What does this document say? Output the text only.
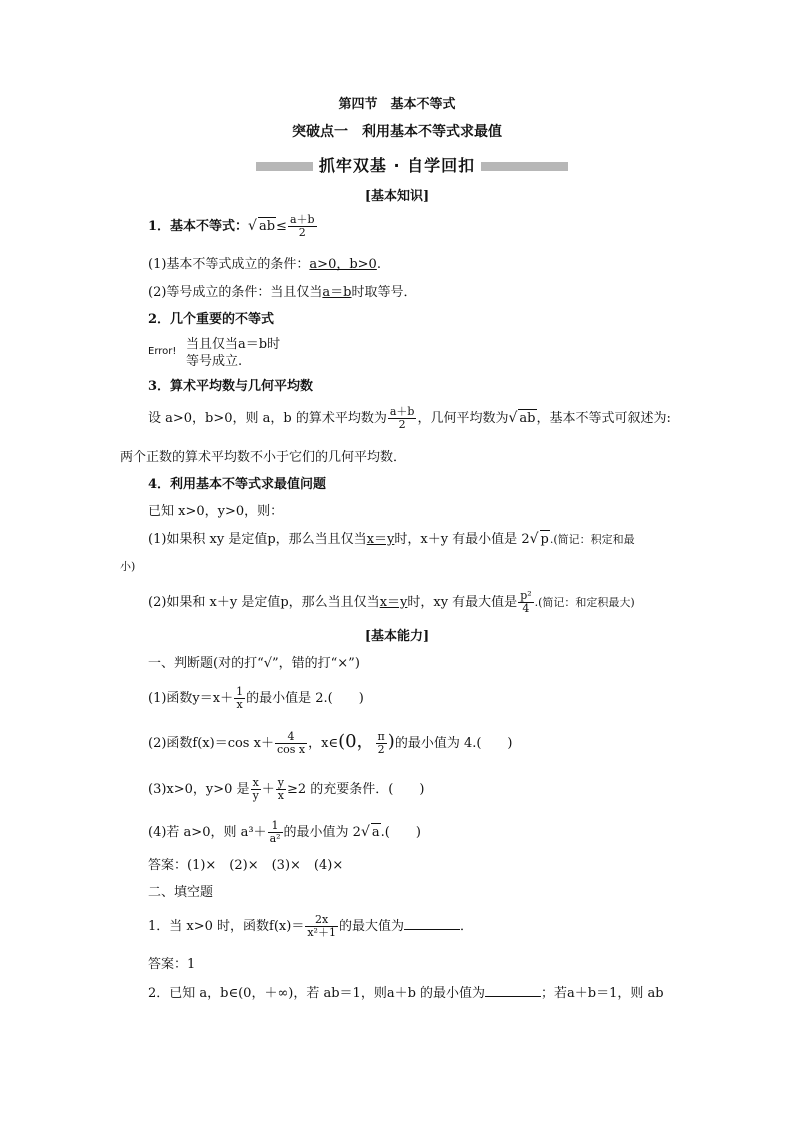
第四节　基本不等式
突破点一　利用基本不等式求最值
抓牢双基 · 自学回扣
[基本知识]
1．基本不等式：√ $ab\le \frac{a+b}{2}$
(1)基本不等式成立的条件：a>0，b>0.
(2)等号成立的条件：当且仅当a＝b时取等号．
2．几个重要的不等式
Error! 当且仅当a＝b时
等号成立.
3．算术平均数与几何平均数
设 a>0，b>0，则 a，b 的算术平均数为 $\frac{a+b}{2}$ ，几何平均数为√ ab，基本不等式可叙述为:
两个正数的算术平均数不小于它们的几何平均数．
4．利用基本不等式求最值问题
已知 x>0，y>0，则：
(1)如果积 xy 是定值p，那么当且仅当x＝y时，x＋y 有最小值是 2√ p.(简记：积定和最
小)
(2)如果和 x＋y 是定值p，那么当且仅当x＝y时，xy 有最大值是 $\frac{\text{p²}}{4}$ .(简记：和定积最大)
[基本能力]
一、判断题(对的打“√”，错的打“×”)
(1)函数$y=x+ \frac{1}{x}$ 的最小值是 2.(　　)
(2)函数f(x)＝cos $x+ \frac{4}{\text{cos x}}$ ，x∈(0， $\frac{\pi}{2}$ )的最小值为 4.(　　)
(3)x>0，y>0 是 $\frac{x}{y} + \frac{y}{x} \ge 2$ 的充要条件．(　　)
(4)若 a>0，则 $a^3+ \frac{1}{\text{a²}}$ 的最小值为 2√ a.(　　)
答案：(1)×　(2)×　(3)×　(4)×
二、填空题
1．当 x>0 时，函数$f(x)= \frac{2x}{\text{x²＋1}}$ 的最大值为	．
答案：1
2．已知 a，b∈(0，＋∞)，若 ab＝1，则a＋b 的最小值为	；若a＋b＝1，则 ab
